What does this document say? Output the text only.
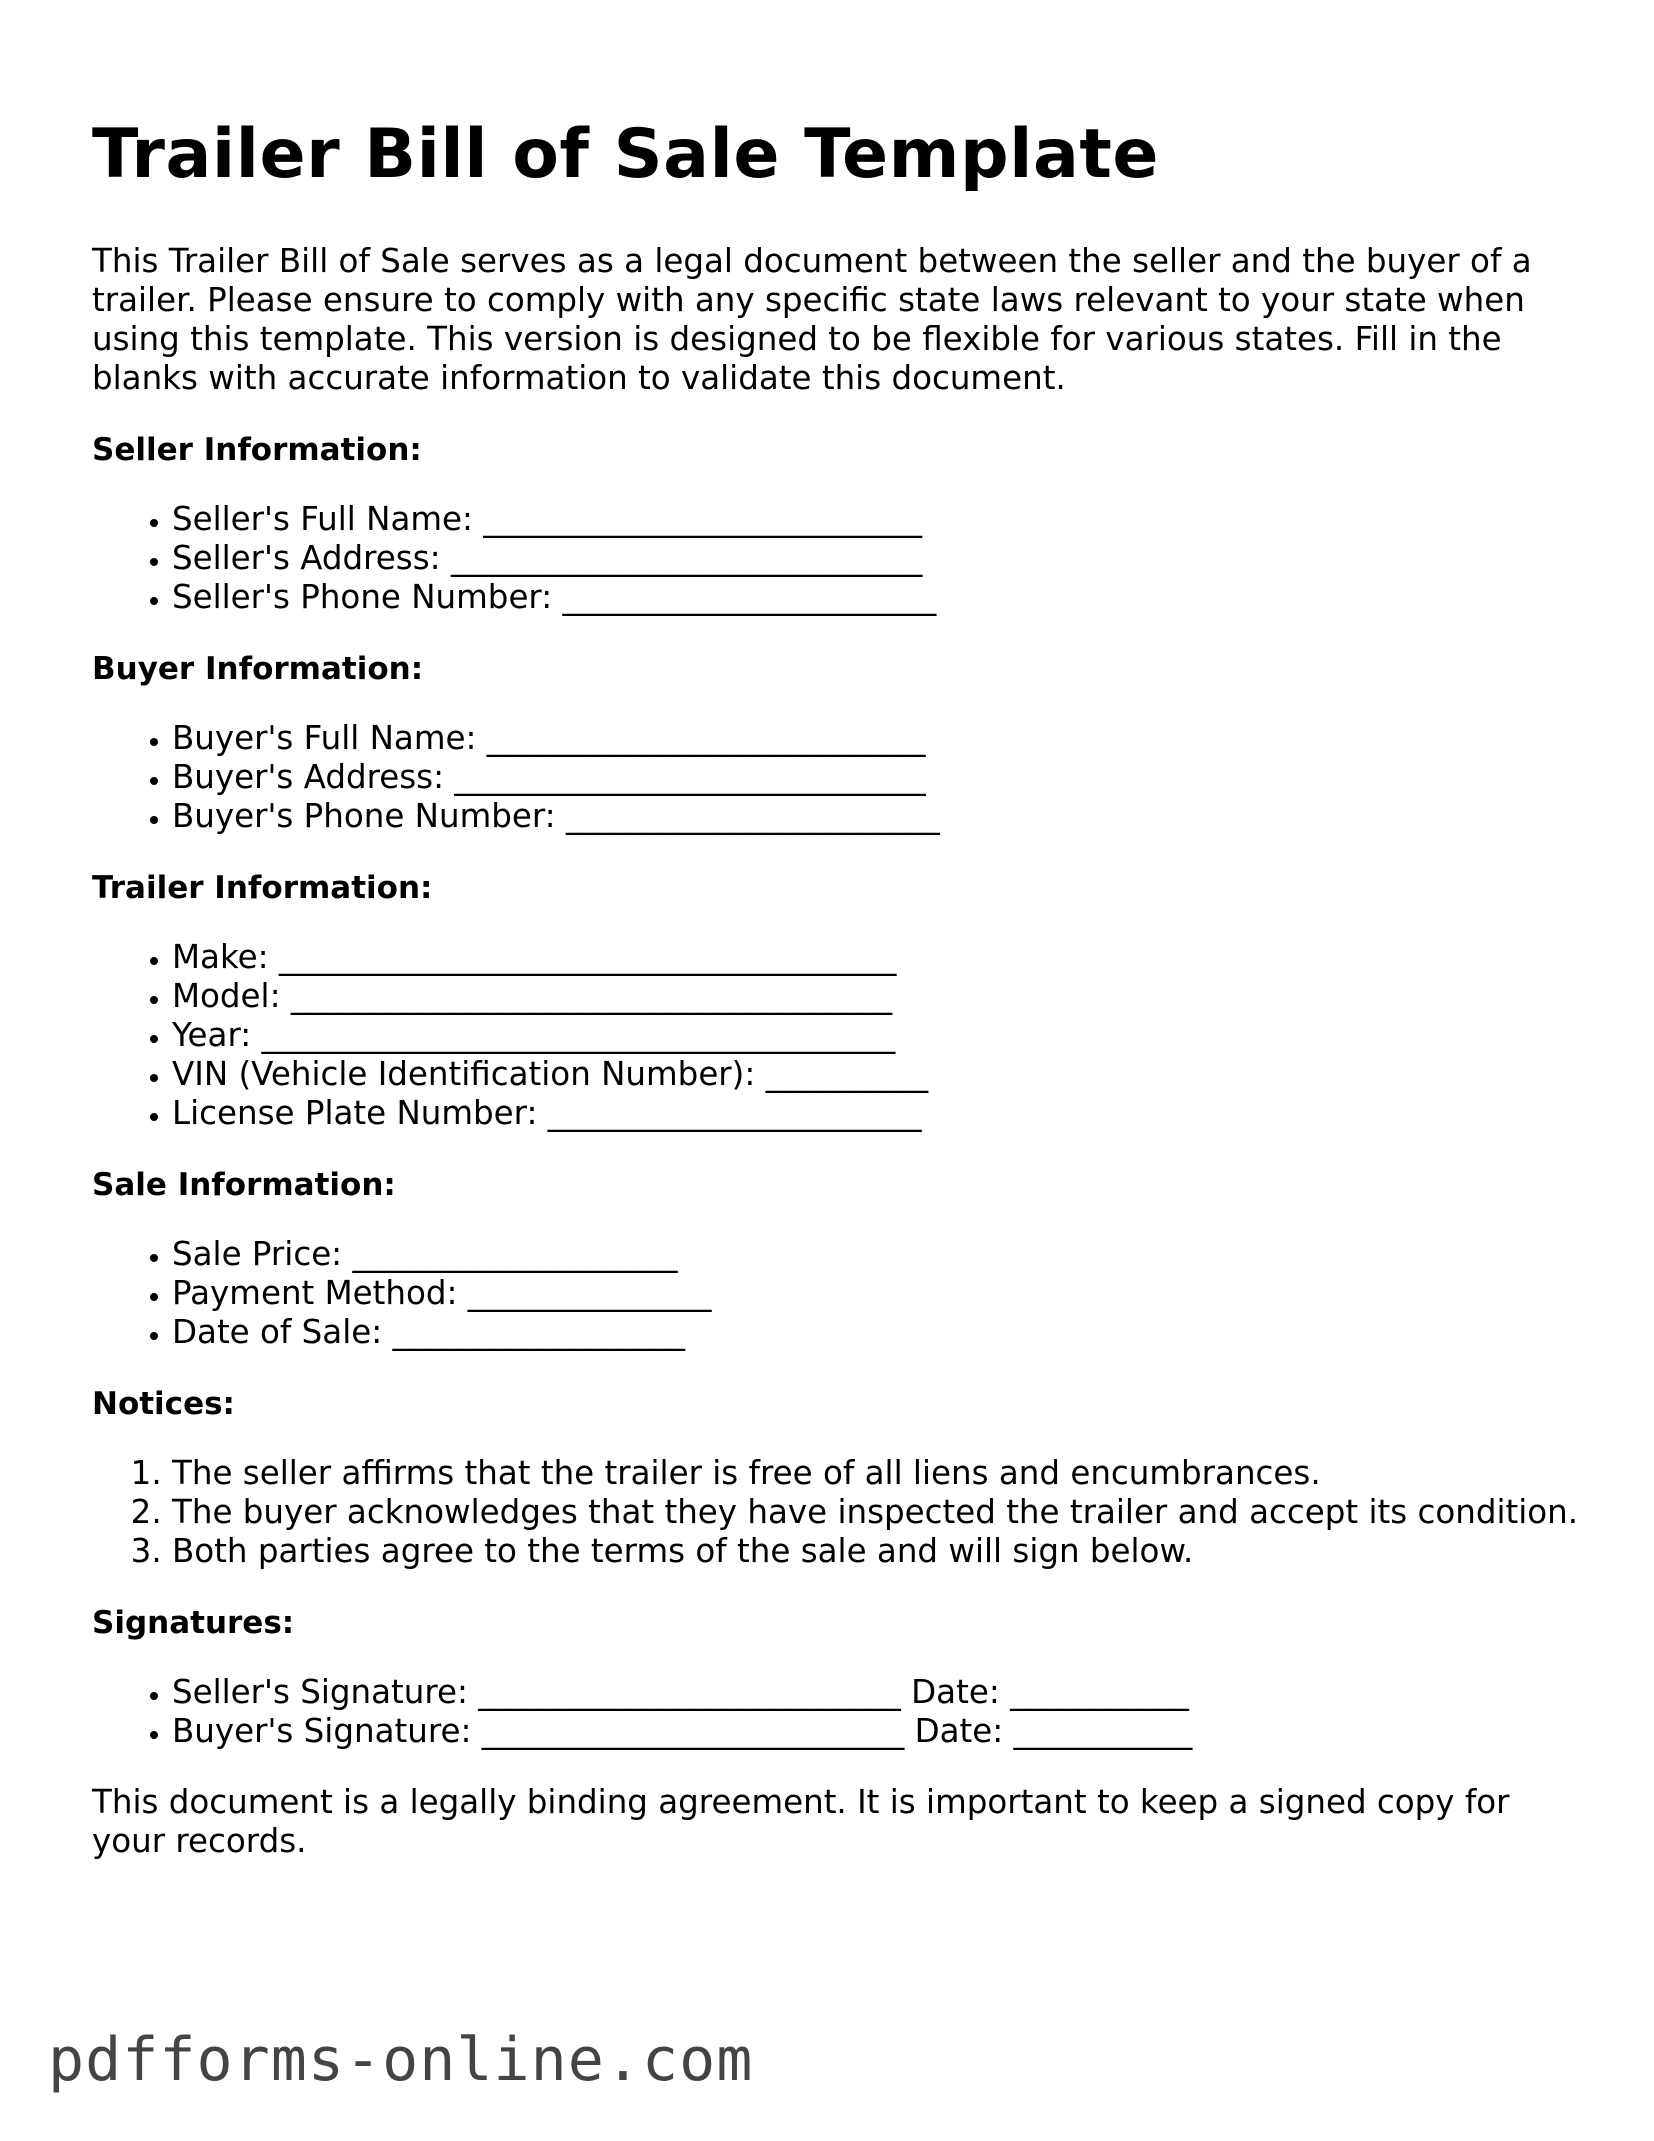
Trailer Bill of Sale Template

This Trailer Bill of Sale serves as a legal document between the seller and the buyer of a trailer. Please ensure to comply with any specific state laws relevant to your state when using this template. This version is designed to be flexible for various states. Fill in the blanks with accurate information to validate this document.

Seller Information:
• Seller's Full Name: ___________________________
• Seller's Address: _____________________________
• Seller's Phone Number: _______________________
Buyer Information:
• Buyer's Full Name: ___________________________
• Buyer's Address: _____________________________
• Buyer's Phone Number: _______________________
Trailer Information:
• Make: ______________________________________
• Model: _____________________________________
• Year: _______________________________________
• VIN (Vehicle Identification Number): __________
• License Plate Number: _______________________
Sale Information:
• Sale Price: ____________________
• Payment Method: _______________
• Date of Sale: __________________
Notices:
1. The seller affirms that the trailer is free of all liens and encumbrances.
2. The buyer acknowledges that they have inspected the trailer and accept its condition.
3. Both parties agree to the terms of the sale and will sign below.
Signatures:
• Seller's Signature: __________________________ Date: ___________
• Buyer's Signature: __________________________ Date: ___________

This document is a legally binding agreement. It is important to keep a signed copy for your records.

pdfforms-online.com
